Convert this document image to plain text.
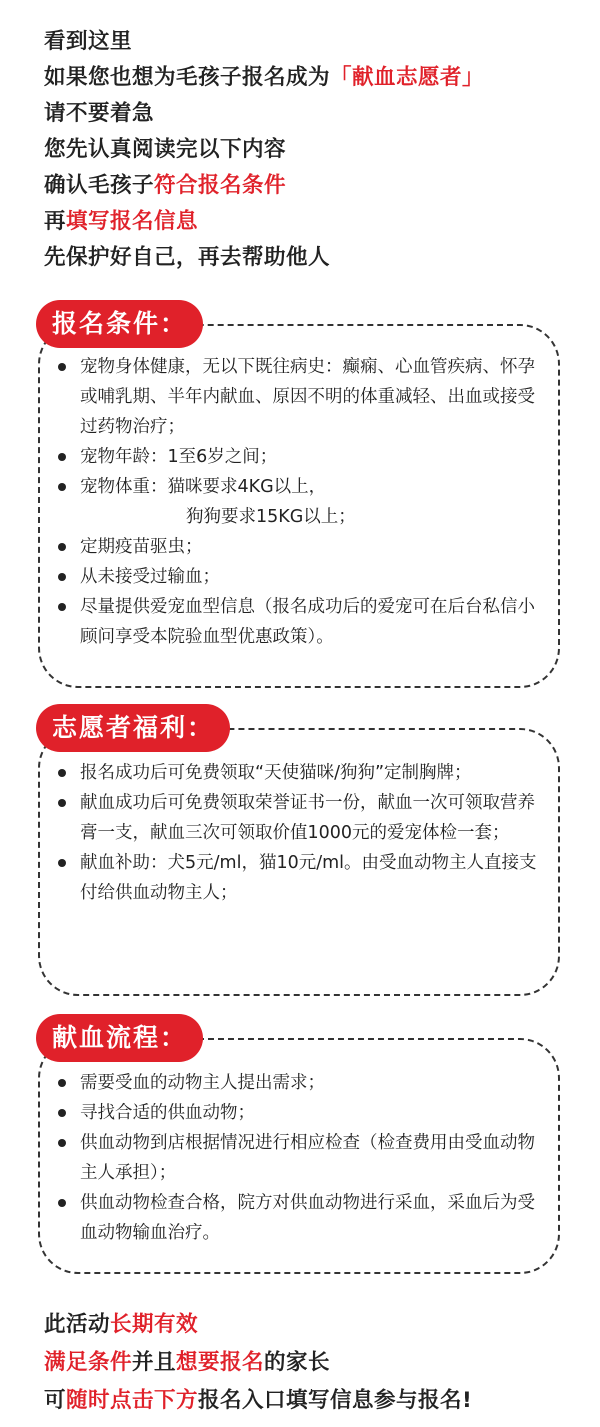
看到这里
如果您也想为毛孩子报名成为「献血志愿者」
请不要着急
您先认真阅读完以下内容
确认毛孩子符合报名条件
再填写报名信息
先保护好自己，再去帮助他人
报名条件：
宠物身体健康，无以下既往病史：癫痫、心血管疾病、怀孕或哺乳期、半年内献血、原因不明的体重减轻、出血或接受过药物治疗；
宠物年龄：1至6岁之间；
宠物体重：猫咪要求4KG以上，
狗狗要求15KG以上；
定期疫苗驱虫；
从未接受过输血；
尽量提供爱宠血型信息（报名成功后的爱宠可在后台私信小顾问享受本院验血型优惠政策）。
志愿者福利：
报名成功后可免费领取“天使猫咪/狗狗”定制胸牌；
献血成功后可免费领取荣誉证书一份，献血一次可领取营养膏一支，献血三次可领取价值1000元的爱宠体检一套；
献血补助：犬5元/ml，猫10元/ml。由受血动物主人直接支付给供血动物主人；
献血流程：
需要受血的动物主人提出需求；
寻找合适的供血动物；
供血动物到店根据情况进行相应检查（检查费用由受血动物主人承担）；
供血动物检查合格，院方对供血动物进行采血，采血后为受血动物输血治疗。
此活动长期有效
满足条件并且想要报名的家长
可随时点击下方报名入口填写信息参与报名!
